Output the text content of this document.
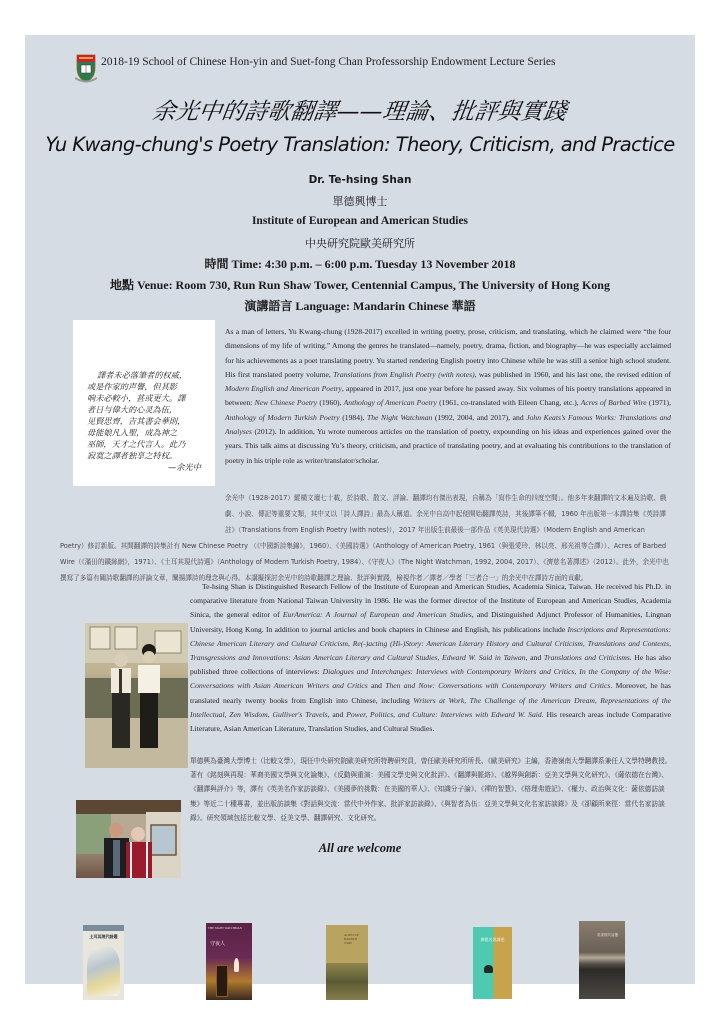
2018-19 School of Chinese Hon-yin and Suet-fong Chan Professorship Endowment Lecture Series
余光中的詩歌翻譯——理論、批評與實踐
Yu Kwang-chung's Poetry Translation: Theory, Criticism, and Practice
Dr. Te-hsing Shan
單德興博士
Institute of European and American Studies
中央研究院歐美研究所
時間 Time: 4:30 p.m. – 6:00 p.m. Tuesday 13 November 2018
地點 Venue: Room 730, Run Run Shaw Tower, Centennial Campus, The University of Hong Kong
演講語言 Language: Mandarin Chinese 華語
譯者未必落筆者的权威，
或是作家的声譽，但其影
响未必較小，甚或更大。譯
者日与偉大的心灵為伍，
见賢思齊，吉其書会華則，
毋能娘凡入聖，成為神之
巫師，天才之代言人。此乃
寂寞之譯者独享之特权。
—余光中
As a man of letters, Yu Kwang-chung (1928-2017) excelled in writing poetry, prose, criticism, and translating, which he claimed were “the four dimensions of my life of writing.” Among the genres he translated—namely, poetry, drama, fiction, and biography—he was especially acclaimed for his achievements as a poet translating poetry. Yu started rendering English poetry into Chinese while he was still a senior high school student. His first translated poetry volume, Translations from English Poetry (with notes), was published in 1960, and his last one, the revised edition of Modern English and American Poetry, appeared in 2017, just one year before he passed away. Six volumes of his poetry translations appeared in between: New Chinese Poetry (1960), Anthology of American Poetry (1961, co-translated with Eileen Chang, etc.), Acres of Barbed Wire (1971), Anthology of Modern Turkish Poetry (1984), The Night Watchman (1992, 2004, and 2017), and John Keats’s Famous Works: Translations and Analyses (2012). In addition, Yu wrote numerous articles on the translation of poetry, expounding on his ideas and experiences gained over the years. This talk aims at discussing Yu’s theory, criticism, and practice of translating poetry, and at evaluating his contributions to the translation of poetry in his triple role as writer/translator/scholar.
余光中（1928-2017）縱橫文壇七十載，於詩歌、散文、評論、翻譯均有傑出表現，自稱為「寫作生命的四度空間」。他多年來翻譯的文本遍及詩歌、戲劇、小說、傳記等重要文類，其中又以「詩人譯詩」最為人稱道。余光中自高中起便開始翻譯英詩，其後譯筆不輟，1960 年出版第一本譯詩集《英詩譯註》（Translations from English Poetry (with notes)），2017 年出版生前最後一部作品《英美現代詩選》（Modern English and American Poetry）修訂新版。其間翻譯的詩集計有 New Chinese Poetry （《中國新詩集錦》，1960）、《美國詩選》（Anthology of American Poetry, 1961（與張愛玲、林以亮、邢光祖等合譯））、Acres of Barbed Wire（《滿田的鐵絲網》，1971）、《土耳其現代詩選》（Anthology of Modern Turkish Poetry, 1984）、《守夜人》（The Night Watchman, 1992, 2004, 2017）、《濟慈名著譯述》（2012）。此外，余光中也撰寫了多篇有關詩歌翻譯的評論文章，闡揚譯詩的理念與心得。本講擬探討余光中的詩歌翻譯之理論、批評與實踐，檢視作者／譯者／學者「三者合一」的余光中在譯詩方面的貢獻。
Te-hsing Shan is Distinguished Research Fellow of the Institute of European and American Studies, Academia Sinica, Taiwan. He received his Ph.D. in comparative literature from National Taiwan University in 1986. He was the former director of the Institute of European and American Studies, Academia Sinica, the general editor of EurAmerica: A Journal of European and American Studies, and Distinguished Adjunct Professor of Humanities, Lingnan University, Hong Kong. In addition to journal articles and book chapters in Chinese and English, his publications include Inscriptions and Representations: Chinese American Literary and Cultural Criticism, Re(-)acting (Hi-)Story: American Literary History and Cultural Criticism, Translations and Contexts, Transgressions and Innovations: Asian American Literary and Cultural Studies, Edward W. Said in Taiwan, and Translations and Criticisms. He has also published three collections of interviews: Dialogues and Interchanges: Interviews with Contemporary Writers and Critics, In the Company of the Wise: Conversations with Asian American Writers and Critics and Then and Now: Conversations with Contemporary Writers and Critics. Moreover, he has translated nearly twenty books from English into Chinese, including Writers at Work, The Challenge of the American Dream, Representations of the Intellectual, Zen Wisdom, Gulliver's Travels, and Power, Politics, and Culture: Interviews with Edward W. Said. His research areas include Comparative Literature, Asian American Literature, Translation Studies, and Cultural Studies.
單德興為臺灣大學博士（比較文學），現任中央研究院歐美研究所特聘研究員，曾任歐美研究所所長、《歐美研究》主編，香港嶺南大學翻譯系兼任人文學特聘教授。著有《銘刻與再現：華裔美國文學與文化論集》、《反動與重演：美國文學史與文化批評》、《翻譯與脈絡》、《越界與創新：亞美文學與文化研究》、《薩依德在台灣》、《翻譯與評介》等，譯有《英美名作家訪談錄》、《美國夢的挑戰：在美國的華人》、《知識分子論》、《禪的智慧》、《格理弗遊記》、《權力、政治與文化：薩依德訪談集》等近二十種專書，並出版訪談集《對話與交流：當代中外作家、批評家訪談錄》、《與智者為伍：亞美文學與文化名家訪談錄》及《卻顧所來徑：當代名家訪談錄》。研究領域包括比較文學、亞美文學、翻譯研究、文化研究。
All are welcome
土耳其現代詩選
THE NIGHT WATCHMAN
守夜人
ACRES OF BARBED WIRE
濟慈名著譯述
英美現代詩選
